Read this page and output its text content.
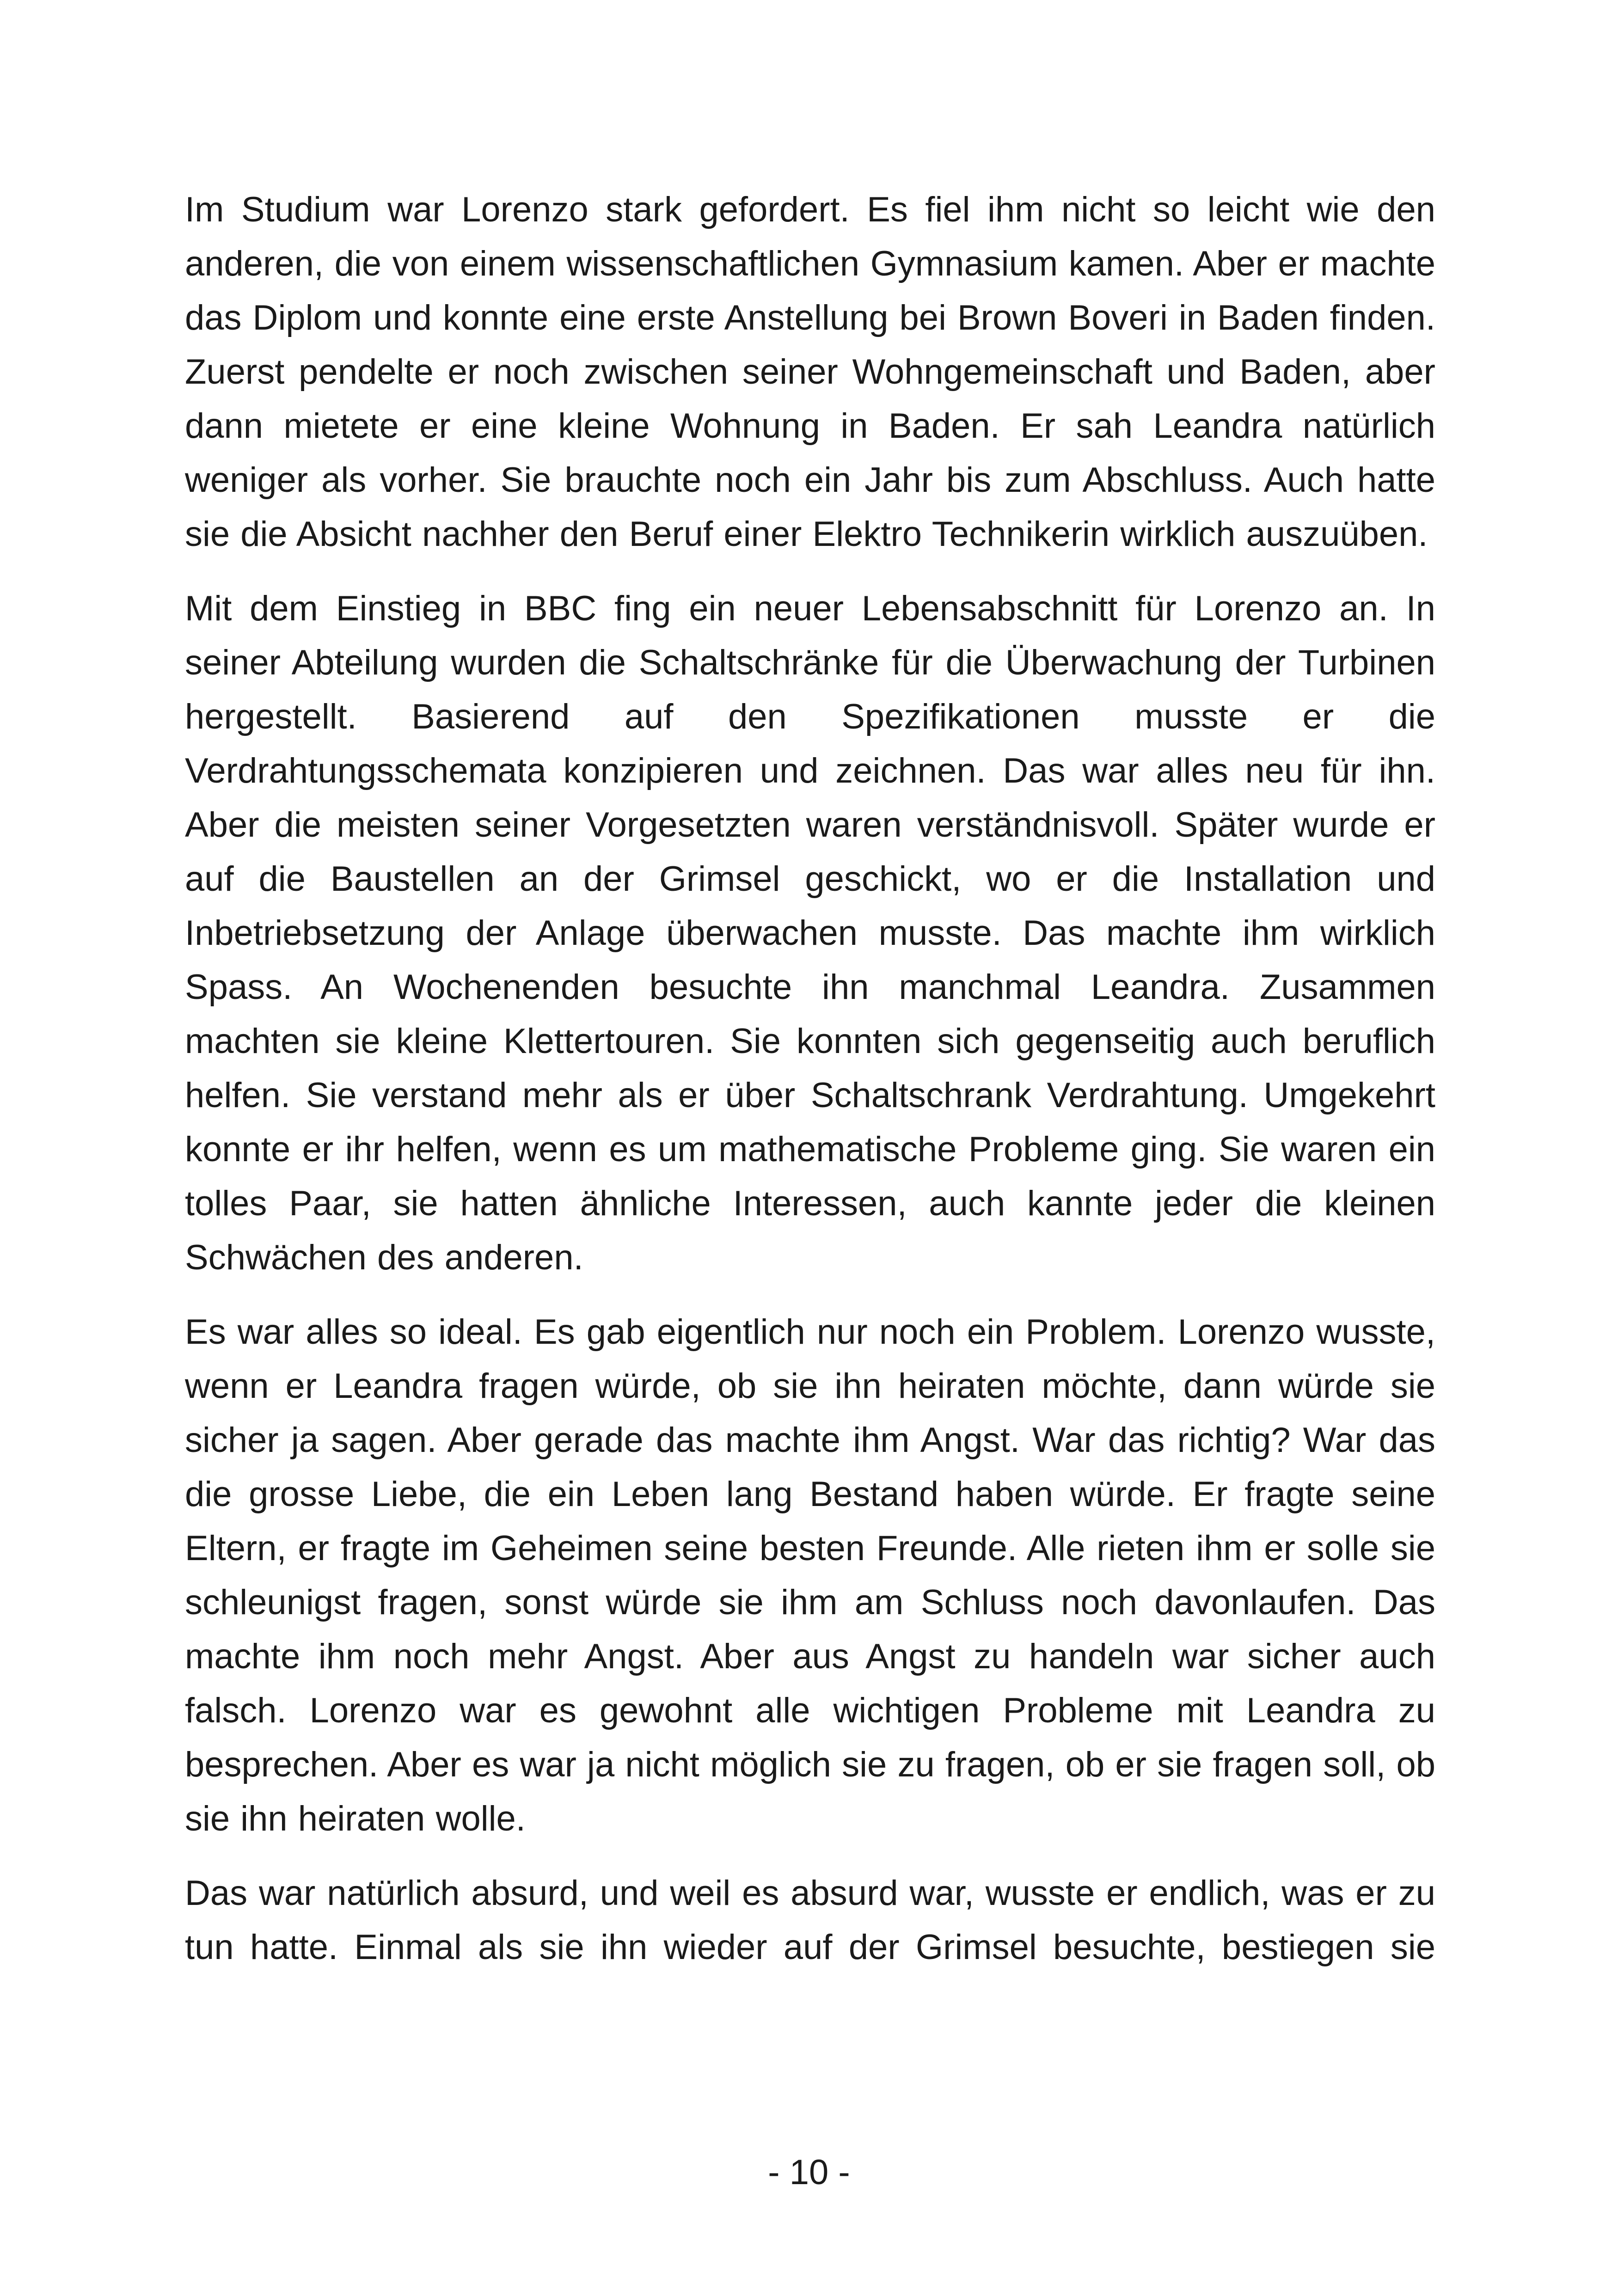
Im Studium war Lorenzo stark gefordert. Es fiel ihm nicht so leicht wie den anderen, die von einem wissenschaftlichen Gymnasium kamen. Aber er machte das Diplom und konnte eine erste Anstellung bei Brown Boveri in Baden finden. Zuerst pendelte er noch zwischen seiner Wohngemeinschaft und Baden, aber dann mietete er eine kleine Wohnung in Baden. Er sah Leandra natürlich weniger als vorher. Sie brauchte noch ein Jahr bis zum Abschluss. Auch hatte sie die Absicht nachher den Beruf einer Elektro Technikerin wirklich auszuüben.

Mit dem Einstieg in BBC fing ein neuer Lebensabschnitt für Lorenzo an. In seiner Abteilung wurden die Schaltschränke für die Überwachung der Turbinen hergestellt. Basierend auf den Spezifikationen musste er die Verdrahtungsschemata konzipieren und zeichnen. Das war alles neu für ihn. Aber die meisten seiner Vorgesetzten waren verständnisvoll. Später wurde er auf die Baustellen an der Grimsel geschickt, wo er die Installation und Inbetriebsetzung der Anlage überwachen musste. Das machte ihm wirklich Spass. An Wochenenden besuchte ihn manchmal Leandra. Zusammen machten sie kleine Klettertouren. Sie konnten sich gegenseitig auch beruflich helfen. Sie verstand mehr als er über Schaltschrank Verdrahtung. Umgekehrt konnte er ihr helfen, wenn es um mathematische Probleme ging. Sie waren ein tolles Paar, sie hatten ähnliche Interessen, auch kannte jeder die kleinen Schwächen des anderen.

Es war alles so ideal. Es gab eigentlich nur noch ein Problem. Lorenzo wusste, wenn er Leandra fragen würde, ob sie ihn heiraten möchte, dann würde sie sicher ja sagen. Aber gerade das machte ihm Angst. War das richtig? War das die grosse Liebe, die ein Leben lang Bestand haben würde. Er fragte seine Eltern, er fragte im Geheimen seine besten Freunde. Alle rieten ihm er solle sie schleunigst fragen, sonst würde sie ihm am Schluss noch davonlaufen. Das machte ihm noch mehr Angst. Aber aus Angst zu handeln war sicher auch falsch. Lorenzo war es gewohnt alle wichtigen Probleme mit Leandra zu besprechen. Aber es war ja nicht möglich sie zu fragen, ob er sie fragen soll, ob sie ihn heiraten wolle.

Das war natürlich absurd, und weil es absurd war, wusste er endlich, was er zu tun hatte. Einmal als sie ihn wieder auf der Grimsel besuchte, bestiegen sie

- 10 -
